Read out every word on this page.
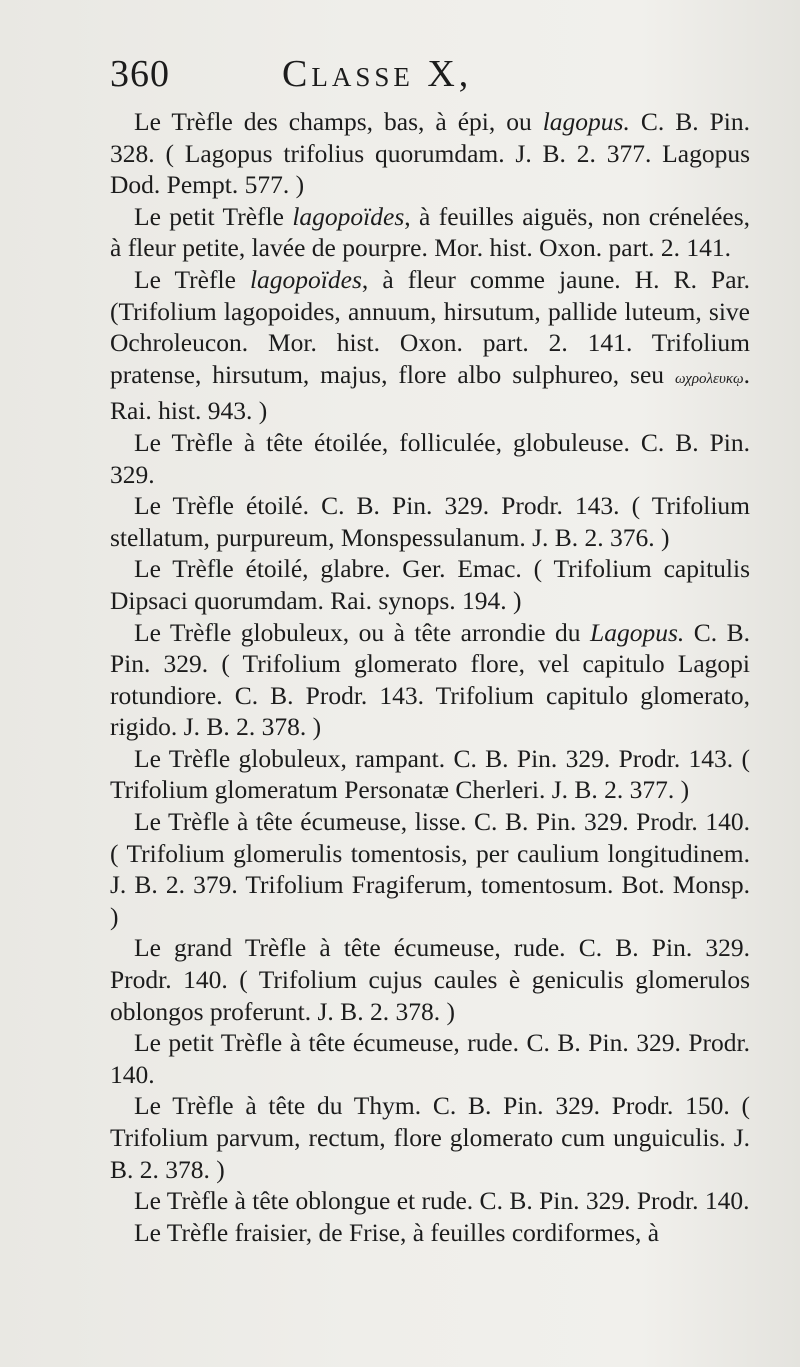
360	Classe X,

Le Trèfle des champs, bas, à épi, ou lagopus. C. B. Pin. 328. ( Lagopus trifolius quorumdam. J. B. 2. 377. Lagopus Dod. Pempt. 577. )

Le petit Trèfle lagopoïdes, à feuilles aiguës, non crénelées, à fleur petite, lavée de pourpre. Mor. hist. Oxon. part. 2. 141.

Le Trèfle lagopoïdes, à fleur comme jaune. H. R. Par. (Trifolium lagopoides, annuum, hirsutum, pallide luteum, sive Ochroleucon. Mor. hist. Oxon. part. 2. 141. Trifolium pratense, hirsutum, majus, flore albo sulphureo, seu ωχρολευκῳ. Rai. hist. 943. )

Le Trèfle à tête étoilée, folliculée, globuleuse. C. B. Pin. 329.

Le Trèfle étoilé. C. B. Pin. 329. Prodr. 143. ( Trifolium stellatum, purpureum, Monspessulanum. J. B. 2. 376. )

Le Trèfle étoilé, glabre. Ger. Emac. ( Trifolium capitulis Dipsaci quorumdam. Rai. synops. 194. )

Le Trèfle globuleux, ou à tête arrondie du Lagopus. C. B. Pin. 329. ( Trifolium glomerato flore, vel capitulo Lagopi rotundiore. C. B. Prodr. 143. Trifolium capitulo glomerato, rigido. J. B. 2. 378. )

Le Trèfle globuleux, rampant. C. B. Pin. 329. Prodr. 143. ( Trifolium glomeratum Personatæ Cherleri. J. B. 2. 377. )

Le Trèfle à tête écumeuse, lisse. C. B. Pin. 329. Prodr. 140. ( Trifolium glomerulis tomentosis, per caulium longitudinem. J. B. 2. 379. Trifolium Fragiferum, tomentosum. Bot. Monsp. )

Le grand Trèfle à tête écumeuse, rude. C. B. Pin. 329. Prodr. 140. ( Trifolium cujus caules è geniculis glomerulos oblongos proferunt. J. B. 2. 378. )

Le petit Trèfle à tête écumeuse, rude. C. B. Pin. 329. Prodr. 140.

Le Trèfle à tête du Thym. C. B. Pin. 329. Prodr. 150. ( Trifolium parvum, rectum, flore glomerato cum unguiculis. J. B. 2. 378. )

Le Trèfle à tête oblongue et rude. C. B. Pin. 329. Prodr. 140.

Le Trèfle fraisier, de Frise, à feuilles cordiformes, à
